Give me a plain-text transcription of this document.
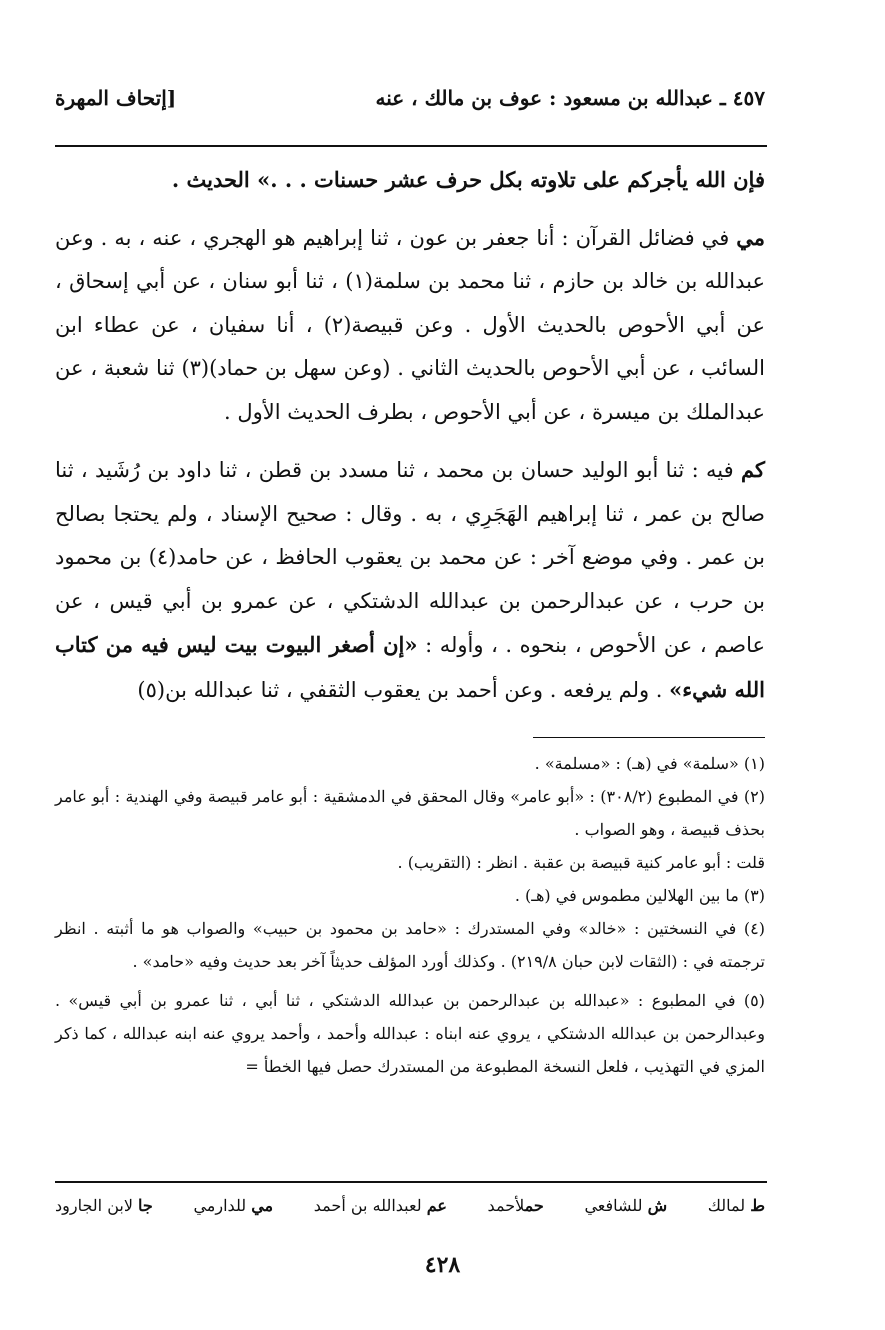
٤٥٧ ـ عبدالله بن مسعود : عوف بن مالك ، عنه
[إتحاف المهرة

فإن الله يأجركم على تلاوته بكل حرف عشر حسنات . . .» الحديث .

مي في فضائل القرآن : أنا جعفر بن عون ، ثنا إبراهيم هو الهجري ، عنه ، به . وعن عبدالله بن خالد بن حازم ، ثنا محمد بن سلمة(١) ، ثنا أبو سنان ، عن أبي إسحاق ، عن أبي الأحوص بالحديث الأول . وعن قبيصة(٢) ، أنا سفيان ، عن عطاء ابن السائب ، عن أبي الأحوص بالحديث الثاني . (وعن سهل بن حماد)(٣) ثنا شعبة ، عن عبدالملك بن ميسرة ، عن أبي الأحوص ، بطرف الحديث الأول .

كم فيه : ثنا أبو الوليد حسان بن محمد ، ثنا مسدد بن قطن ، ثنا داود بن رُشَيد ، ثنا صالح بن عمر ، ثنا إبراهيم الهَجَرِي ، به . وقال : صحيح الإسناد ، ولم يحتجا بصالح بن عمر . وفي موضع آخر : عن محمد بن يعقوب الحافظ ، عن حامد(٤) بن محمود بن حرب ، عن عبدالرحمن بن عبدالله الدشتكي ، عن عمرو بن أبي قيس ، عن عاصم ، عن الأحوص ، بنحوه . ، وأوله : «إن أصغر البيوت بيت ليس فيه من كتاب الله شيء» . ولم يرفعه . وعن أحمد بن يعقوب الثقفي ، ثنا عبدالله بن(٥)

(١) «سلمة» في (هـ) : «مسلمة» .

(٢) في المطبوع (٣٠٨/٢) : «أبو عامر» وقال المحقق في الدمشقية : أبو عامر قبيصة وفي الهندية : أبو عامر بحذف قبيصة ، وهو الصواب .

قلت : أبو عامر كنية قبيصة بن عقبة . انظر : (التقريب) .

(٣) ما بين الهلالين مطموس في (هـ) .

(٤) في النسختين : «خالد» وفي المستدرك : «حامد بن محمود بن حبيب» والصواب هو ما أثبته . انظر ترجمته في : (الثقات لابن حبان ٢١٩/٨) . وكذلك أورد المؤلف حديثاً آخر بعد حديث وفيه «حامد» .

(٥) في المطبوع : «عبدالله بن عبدالرحمن بن عبدالله الدشتكي ، ثنا أبي ، ثنا عمرو بن أبي قيس» . وعبدالرحمن بن عبدالله الدشتكي ، يروي عنه ابناه : عبدالله وأحمد ، وأحمد يروي عنه ابنه عبدالله ، كما ذكر المزي في التهذيب ، فلعل النسخة المطبوعة من المستدرك حصل فيها الخطأ =

ط لمالك
ش للشافعي
حملأحمد
عم لعبدالله بن أحمد
مي للدارمي
جا لابن الجارود
٤٢٨
